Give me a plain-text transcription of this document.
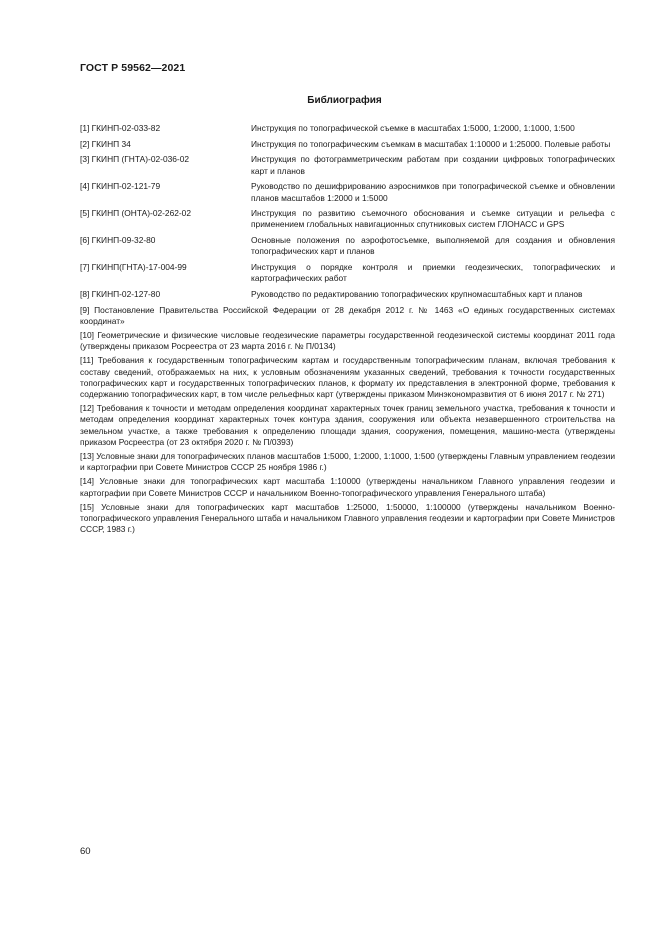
ГОСТ Р 59562—2021
Библиография
[1] ГКИНП-02-033-82	Инструкция по топографической съемке в масштабах 1:5000, 1:2000, 1:1000, 1:500
[2] ГКИНП 34	Инструкция по топографическим съемкам в масштабах 1:10000 и 1:25000. Полевые работы
[3] ГКИНП (ГНТА)-02-036-02	Инструкция по фотограмметрическим работам при создании цифровых топографических карт и планов
[4] ГКИНП-02-121-79	Руководство по дешифрированию аэроснимков при топографической съемке и обновлении планов масштабов 1:2000 и 1:5000
[5] ГКИНП (ОНТА)-02-262-02	Инструкция по развитию съемочного обоснования и съемке ситуации и рельефа с применением глобальных навигационных спутниковых систем ГЛОНАСС и GPS
[6] ГКИНП-09-32-80	Основные положения по аэрофотосъемке, выполняемой для создания и обновления топографических карт и планов
[7] ГКИНП(ГНТА)-17-004-99	Инструкция о порядке контроля и приемки геодезических, топографических и картографических работ
[8] ГКИНП-02-127-80	Руководство по редактированию топографических крупномасштабных карт и планов
[9] Постановление Правительства Российской Федерации от 28 декабря 2012 г. № 1463 «О единых государственных системах координат»
[10] Геометрические и физические числовые геодезические параметры государственной геодезической системы координат 2011 года (утверждены приказом Росреестра от 23 марта 2016 г. № П/0134)
[11] Требования к государственным топографическим картам и государственным топографическим планам, включая требования к составу сведений, отображаемых на них, к условным обозначениям указанных сведений, требования к точности государственных топографических карт и государственных топографических планов, к формату их представления в электронной форме, требования к содержанию топографических карт, в том числе рельефных карт (утверждены приказом Минэкономразвития от 6 июня 2017 г. № 271)
[12] Требования к точности и методам определения координат характерных точек границ земельного участка, требования к точности и методам определения координат характерных точек контура здания, сооружения или объекта незавершенного строительства на земельном участке, а также требования к определению площади здания, сооружения, помещения, машино-места (утверждены приказом Росреестра (от 23 октября 2020 г. № П/0393)
[13] Условные знаки для топографических планов масштабов 1:5000, 1:2000, 1:1000, 1:500 (утверждены Главным управлением геодезии и картографии при Совете Министров СССР 25 ноября 1986 г.)
[14] Условные знаки для топографических карт масштаба 1:10000 (утверждены начальником Главного управления геодезии и картографии при Совете Министров СССР и начальником Военно-топографического управления Генерального штаба)
[15] Условные знаки для топографических карт масштабов 1:25000, 1:50000, 1:100000 (утверждены начальником Военно-топографического управления Генерального штаба и начальником Главного управления геодезии и картографии при Совете Министров СССР, 1983 г.)
60
